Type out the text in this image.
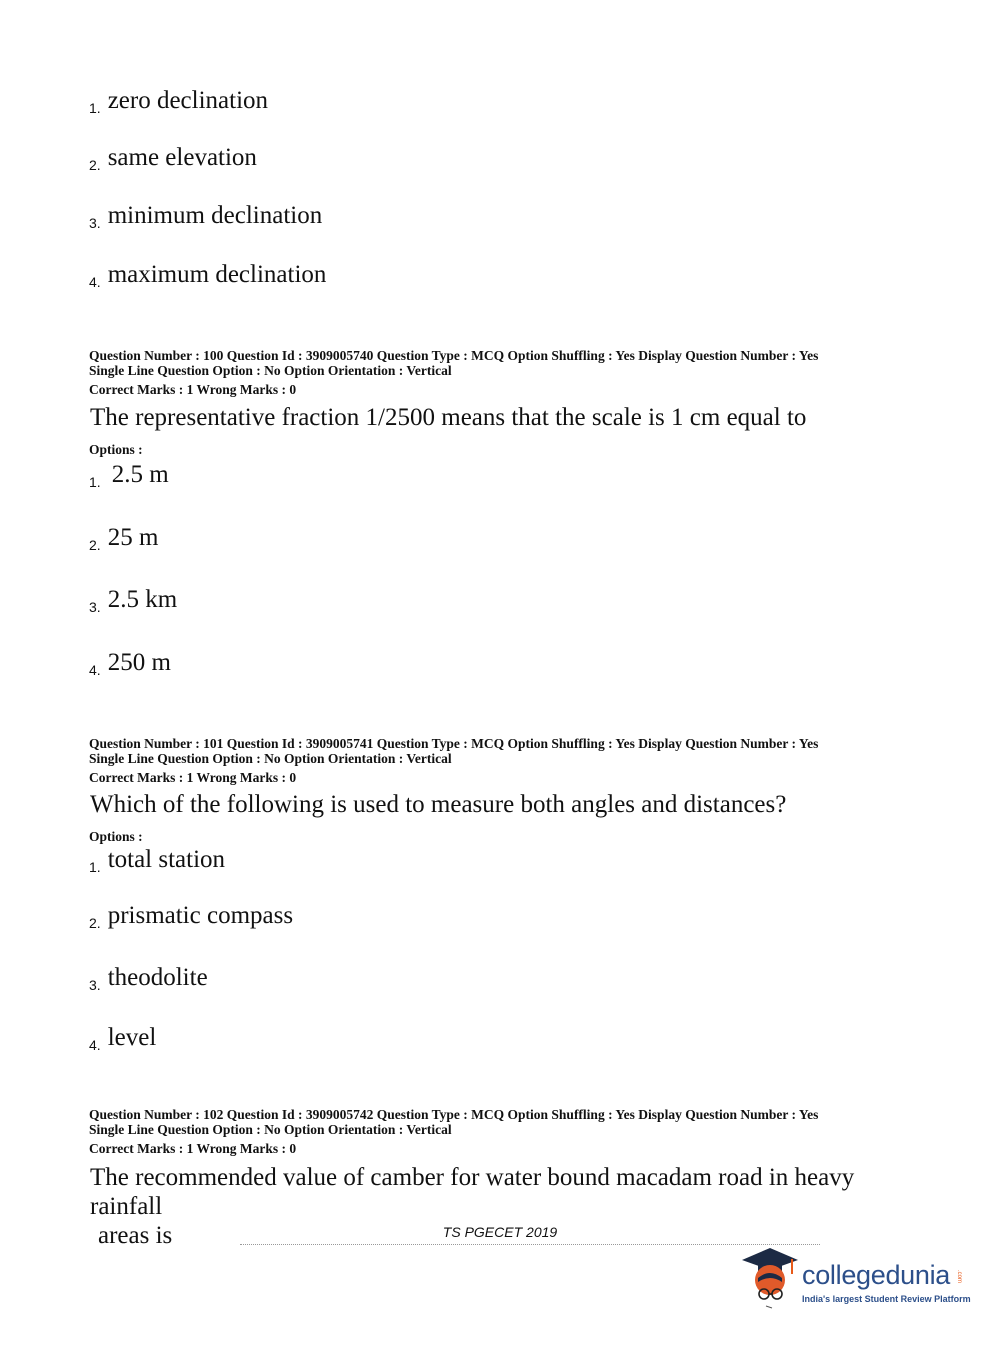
1. zero declination
2. same elevation
3. minimum declination
4. maximum declination
Question Number : 100 Question Id : 3909005740 Question Type : MCQ Option Shuffling : Yes Display Question Number : Yes
Single Line Question Option : No Option Orientation : Vertical
Correct Marks : 1 Wrong Marks : 0
The representative fraction 1/2500 means that the scale is 1 cm equal to
Options :
1. 2.5 m
2. 25 m
3. 2.5 km
4. 250 m
Question Number : 101 Question Id : 3909005741 Question Type : MCQ Option Shuffling : Yes Display Question Number : Yes
Single Line Question Option : No Option Orientation : Vertical
Correct Marks : 1 Wrong Marks : 0
Which of the following is used to measure both angles and distances?
Options :
1. total station
2. prismatic compass
3. theodolite
4. level
Question Number : 102 Question Id : 3909005742 Question Type : MCQ Option Shuffling : Yes Display Question Number : Yes
Single Line Question Option : No Option Orientation : Vertical
Correct Marks : 1 Wrong Marks : 0
The recommended value of camber for water bound macadam road in heavy rainfall
areas is	TS PGECET 2019
collegedunia .com
India's largest Student Review Platform
